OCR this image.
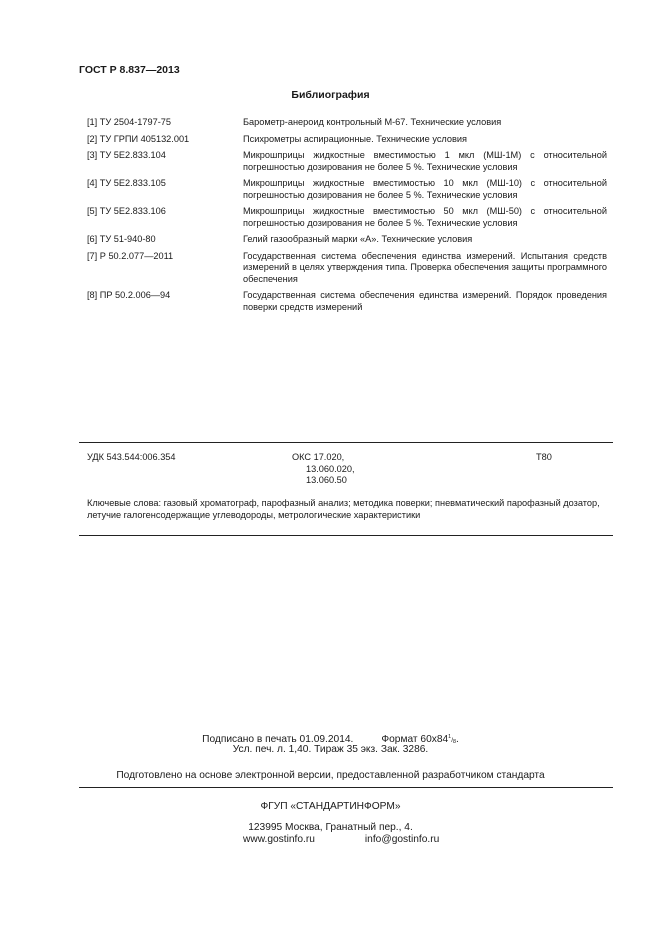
ГОСТ Р 8.837—2013
Библиография
[1] ТУ 2504-1797-75	Барометр-анероид контрольный М-67. Технические условия
[2] ТУ ГРПИ 405132.001	Психрометры аспирационные. Технические условия
[3] ТУ 5Е2.833.104	Микрошприцы жидкостные вместимостью 1 мкл (МШ-1М) с относительной погрешностью дозирования не более 5 %. Технические условия
[4] ТУ 5Е2.833.105	Микрошприцы жидкостные вместимостью 10 мкл (МШ-10) с относительной погрешностью дозирования не более 5 %. Технические условия
[5] ТУ 5Е2.833.106	Микрошприцы жидкостные вместимостью 50 мкл (МШ-50) с относительной погрешностью дозирования не более 5 %. Технические условия
[6] ТУ 51-940-80	Гелий газообразный марки «А». Технические условия
[7] Р 50.2.077—2011	Государственная система обеспечения единства измерений. Испытания средств измерений в целях утверждения типа. Проверка обеспечения защиты программного обеспечения
[8] ПР 50.2.006—94	Государственная система обеспечения единства измерений. Порядок проведения поверки средств измерений
УДК 543.544:006.354	ОКС 17.020,
13.060.020,
13.060.50
Т80
Ключевые слова: газовый хроматограф, парофазный анализ; методика поверки; пневматический парофазный дозатор, летучие галогенсодержащие углеводороды, метрологические характеристики
Подписано в печать 01.09.2014.	Формат $60x84^1/_8$.
Усл. печ. л. 1,40. Тираж 35 экз. Зак. 3286.
Подготовлено на основе электронной версии, предоставленной разработчиком стандарта
ФГУП «СТАНДАРТИНФОРМ»
123995 Москва, Гранатный пер., 4.
www.gostinfo.ru	info@gostinfo.ru
